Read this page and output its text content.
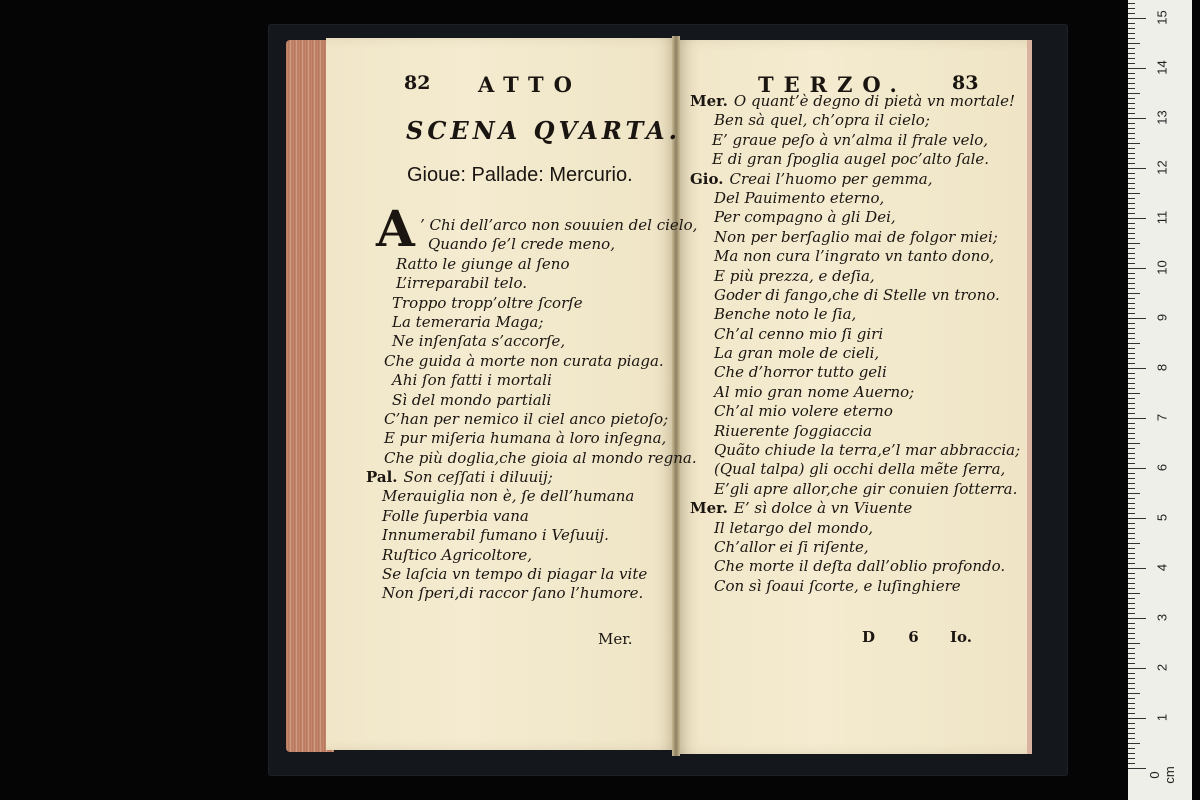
82 ATTO
SCENA QVARTA.
Gioue: Pallade: Mercurio.
A ’ Chi dell’arco non souuien del cielo,
Quando ſe’l crede meno,
Ratto le giunge al ſeno
L’irreparabil telo.
Troppo tropp’oltre ſcorſe
La temeraria Maga;
Ne inſenſata s’accorſe,
Che guida à morte non curata piaga.
Ahi ſon fatti i mortali
Sì del mondo partiali
C’han per nemico il ciel anco pietoſo;
E pur miſeria humana à loro inſegna,
Che più doglia,che gioia al mondo regna.
Pal. Son ceſſati i diluuij;
Merauiglia non è, ſe dell’humana
Folle ſuperbia vana
Innumerabil fumano i Veſuuij.
Ruſtico Agricoltore,
Se laſcia vn tempo di piagar la vite
Non ſperi,di raccor ſano l’humore.
Mer.
TERZO. 83
Mer. O quant’è degno di pietà vn mortale!
Ben sà quel, ch’opra il cielo;
E’ graue peſo à vn’alma il frale velo,
E di gran ſpoglia augel poc’alto ſale.
Gio. Creai l’huomo per gemma,
Del Pauimento eterno,
Per compagno à gli Dei,
Non per berſaglio mai de folgor miei;
Ma non cura l’ingrato vn tanto dono,
E più prezza, e deſia,
Goder di fango,che di Stelle vn trono.
Benche noto le ſia,
Ch’al cenno mio ſi giri
La gran mole de cieli,
Che d’horror tutto geli
Al mio gran nome Auerno;
Ch’al mio volere eterno
Riuerente ſoggiaccia
Quãto chiude la terra,e’l mar abbraccia;
(Qual talpa) gli occhi della mẽte ſerra,
E’gli apre allor,che gir conuien ſotterra.
Mer. E’ sì dolce à vn Viuente
Il letargo del mondo,
Ch’allor ei ſi riſente,
Che morte il deſta dall’oblio profondo.
Con sì ſoaui ſcorte, e luſinghiere
D 6 Io.
0 cm
1
2
3
4
5
6
7
8
9
10
11
12
13
14
15
